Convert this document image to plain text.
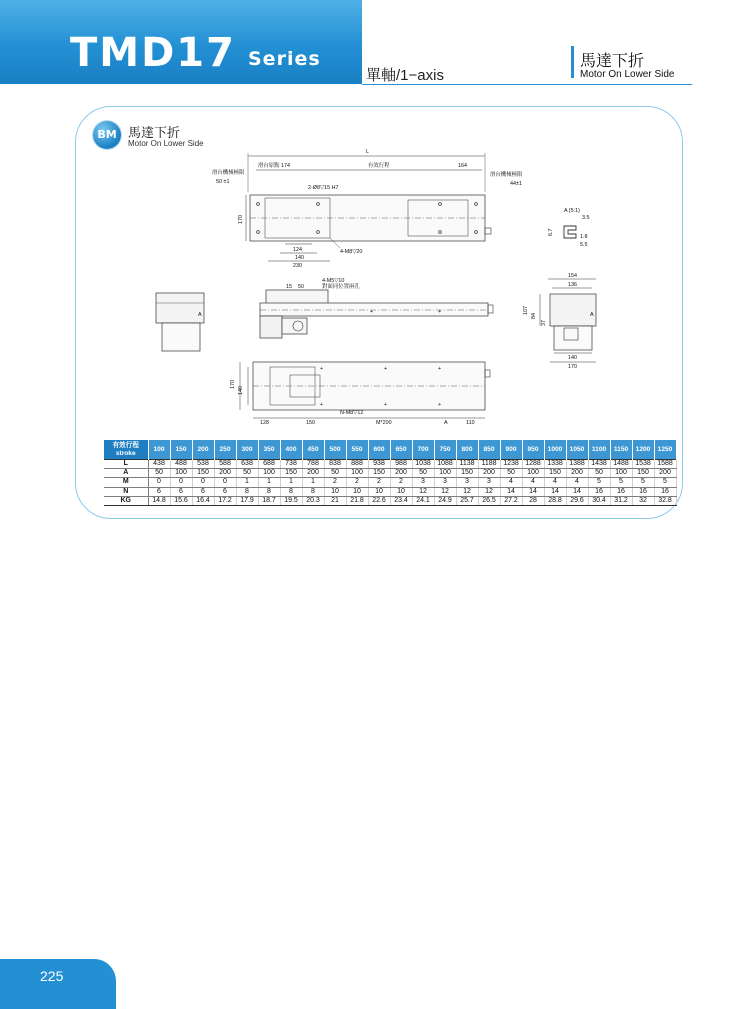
TMD17 Series
單軸/1−axis
馬達下折
Motor On Lower Side
BM 馬達下折
Motor On Lower Side
L
滑台原點 174	有效行程	164
滑台機械極限
50 ±1
滑台機械極限
44±1
2-Ø8▽15 H7
170
124
140
230
4-M8▽20
A (5:1)
3.5
6.7
1.8
5.5
4-M5▽10
對面同位置兩孔
15 50
+	+
A
154
136
107
84
37
A
140
170
+	+	+
+	+	+
170
140
N-M8▽12
128	150	M*200	A	110
有效行程
stroke	100	150	200	250	300	350	400	450	500	550	600	650	700	750	800	850	900	950	1000	1050	1100	1150	1200	1250
L	438	488	538	588	638	688	738	788	838	888	938	988	1038	1088	1138	1188	1238	1288	1338	1388	1438	1488	1538	1588
A	50	100	150	200	50	100	150	200	50	100	150	200	50	100	150	200	50	100	150	200	50	100	150	200
M	0	0	0	0	1	1	1	1	2	2	2	2	3	3	3	3	4	4	4	4	5	5	5	5
N	6	6	6	6	8	8	8	8	10	10	10	10	12	12	12	12	14	14	14	14	16	16	16	16
KG	14.8	15.6	16.4	17.2	17.9	18.7	19.5	20.3	21	21.8	22.6	23.4	24.1	24.9	25.7	26.5	27.2	28	28.8	29.6	30.4	31.2	32	32.8
225
